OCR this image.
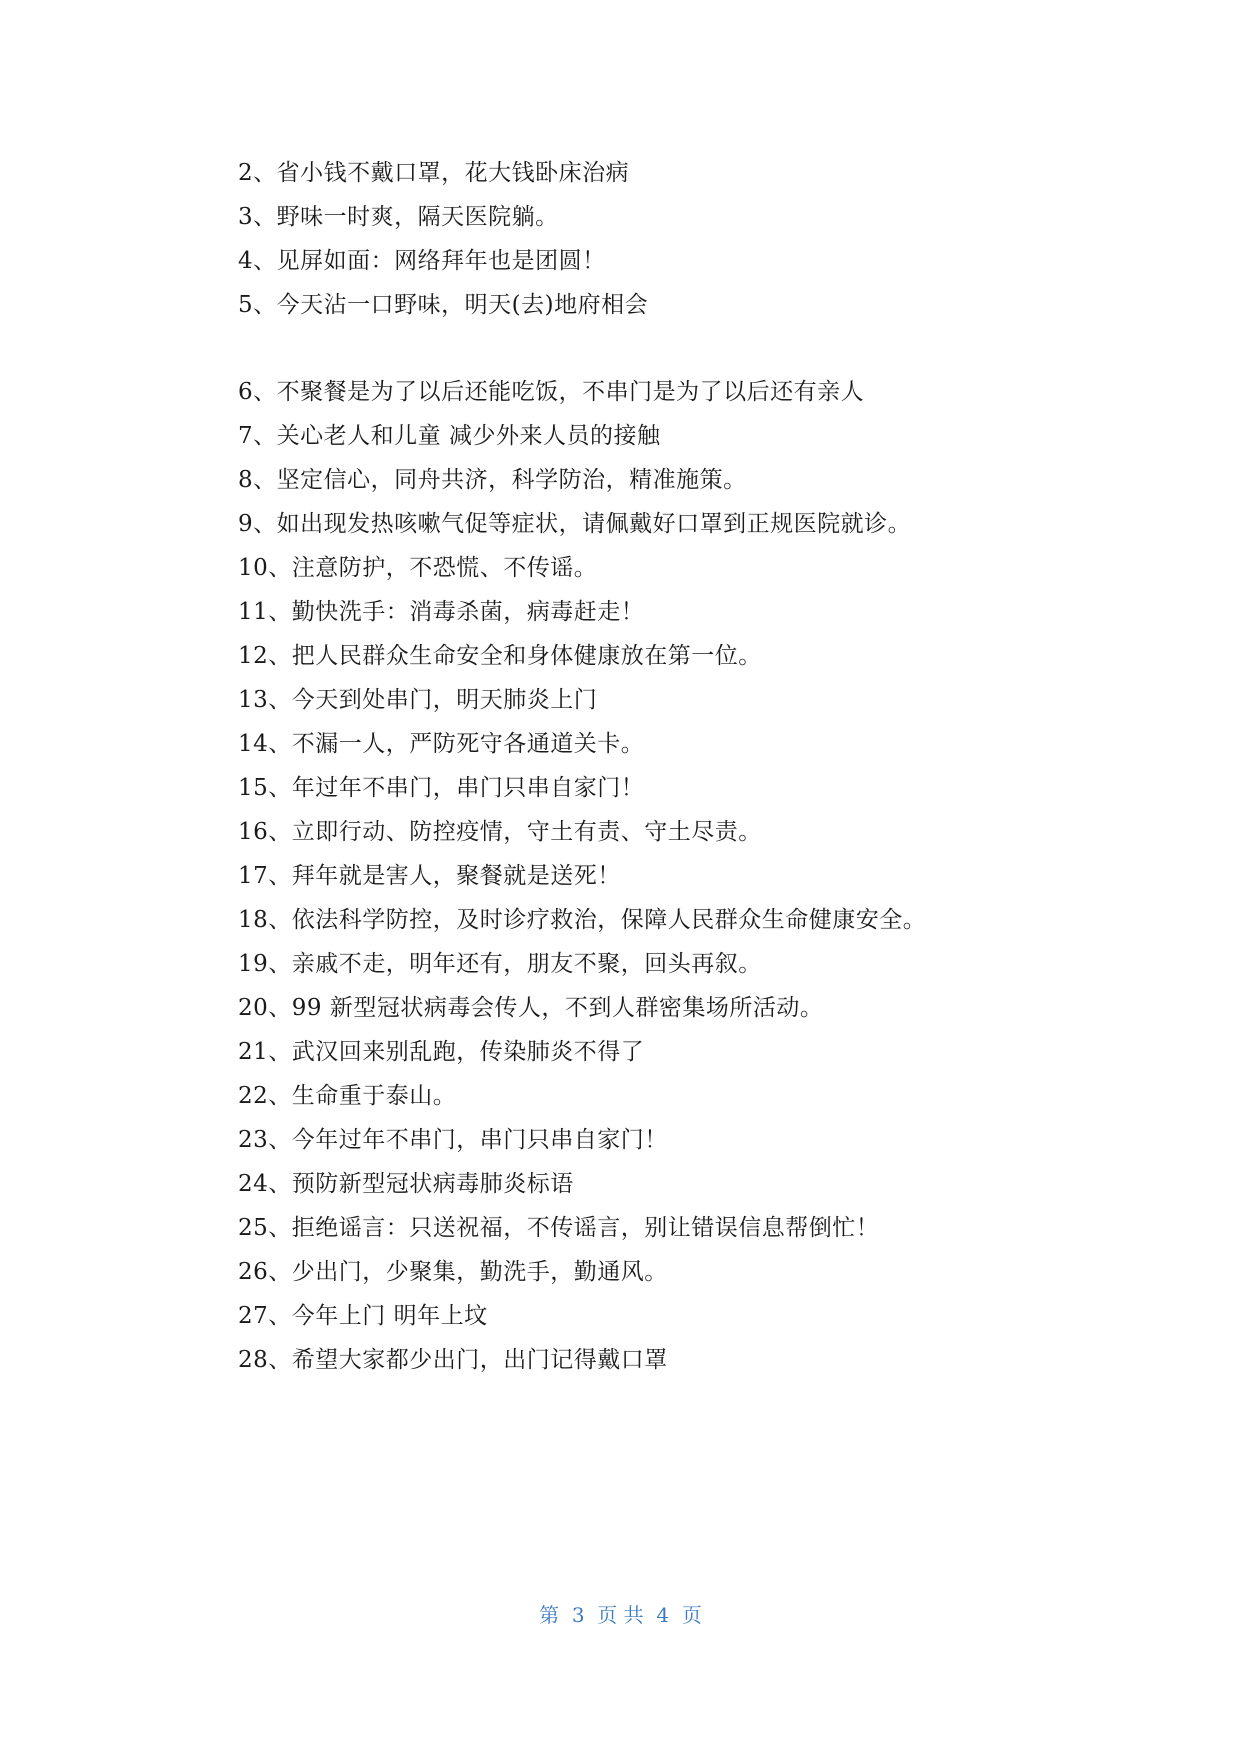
2、省小钱不戴口罩，花大钱卧床治病
3、野味一时爽，隔天医院躺。
4、见屏如面：网络拜年也是团圆！
5、今天沾一口野味，明天(去)地府相会
6、不聚餐是为了以后还能吃饭，不串门是为了以后还有亲人
7、关心老人和儿童 减少外来人员的接触
8、坚定信心，同舟共济，科学防治，精准施策。
9、如出现发热咳嗽气促等症状，请佩戴好口罩到正规医院就诊。
10、注意防护，不恐慌、不传谣。
11、勤快洗手：消毒杀菌，病毒赶走！
12、把人民群众生命安全和身体健康放在第一位。
13、今天到处串门，明天肺炎上门
14、不漏一人，严防死守各通道关卡。
15、年过年不串门，串门只串自家门！
16、立即行动、防控疫情，守土有责、守土尽责。
17、拜年就是害人，聚餐就是送死！
18、依法科学防控，及时诊疗救治，保障人民群众生命健康安全。
19、亲戚不走，明年还有，朋友不聚，回头再叙。
20、99 新型冠状病毒会传人，不到人群密集场所活动。
21、武汉回来别乱跑，传染肺炎不得了
22、生命重于泰山。
23、今年过年不串门，串门只串自家门！
24、预防新型冠状病毒肺炎标语
25、拒绝谣言：只送祝福，不传谣言，别让错误信息帮倒忙！
26、少出门，少聚集，勤洗手，勤通风。
27、今年上门 明年上坟
28、希望大家都少出门，出门记得戴口罩
第  3  页 共  4  页
